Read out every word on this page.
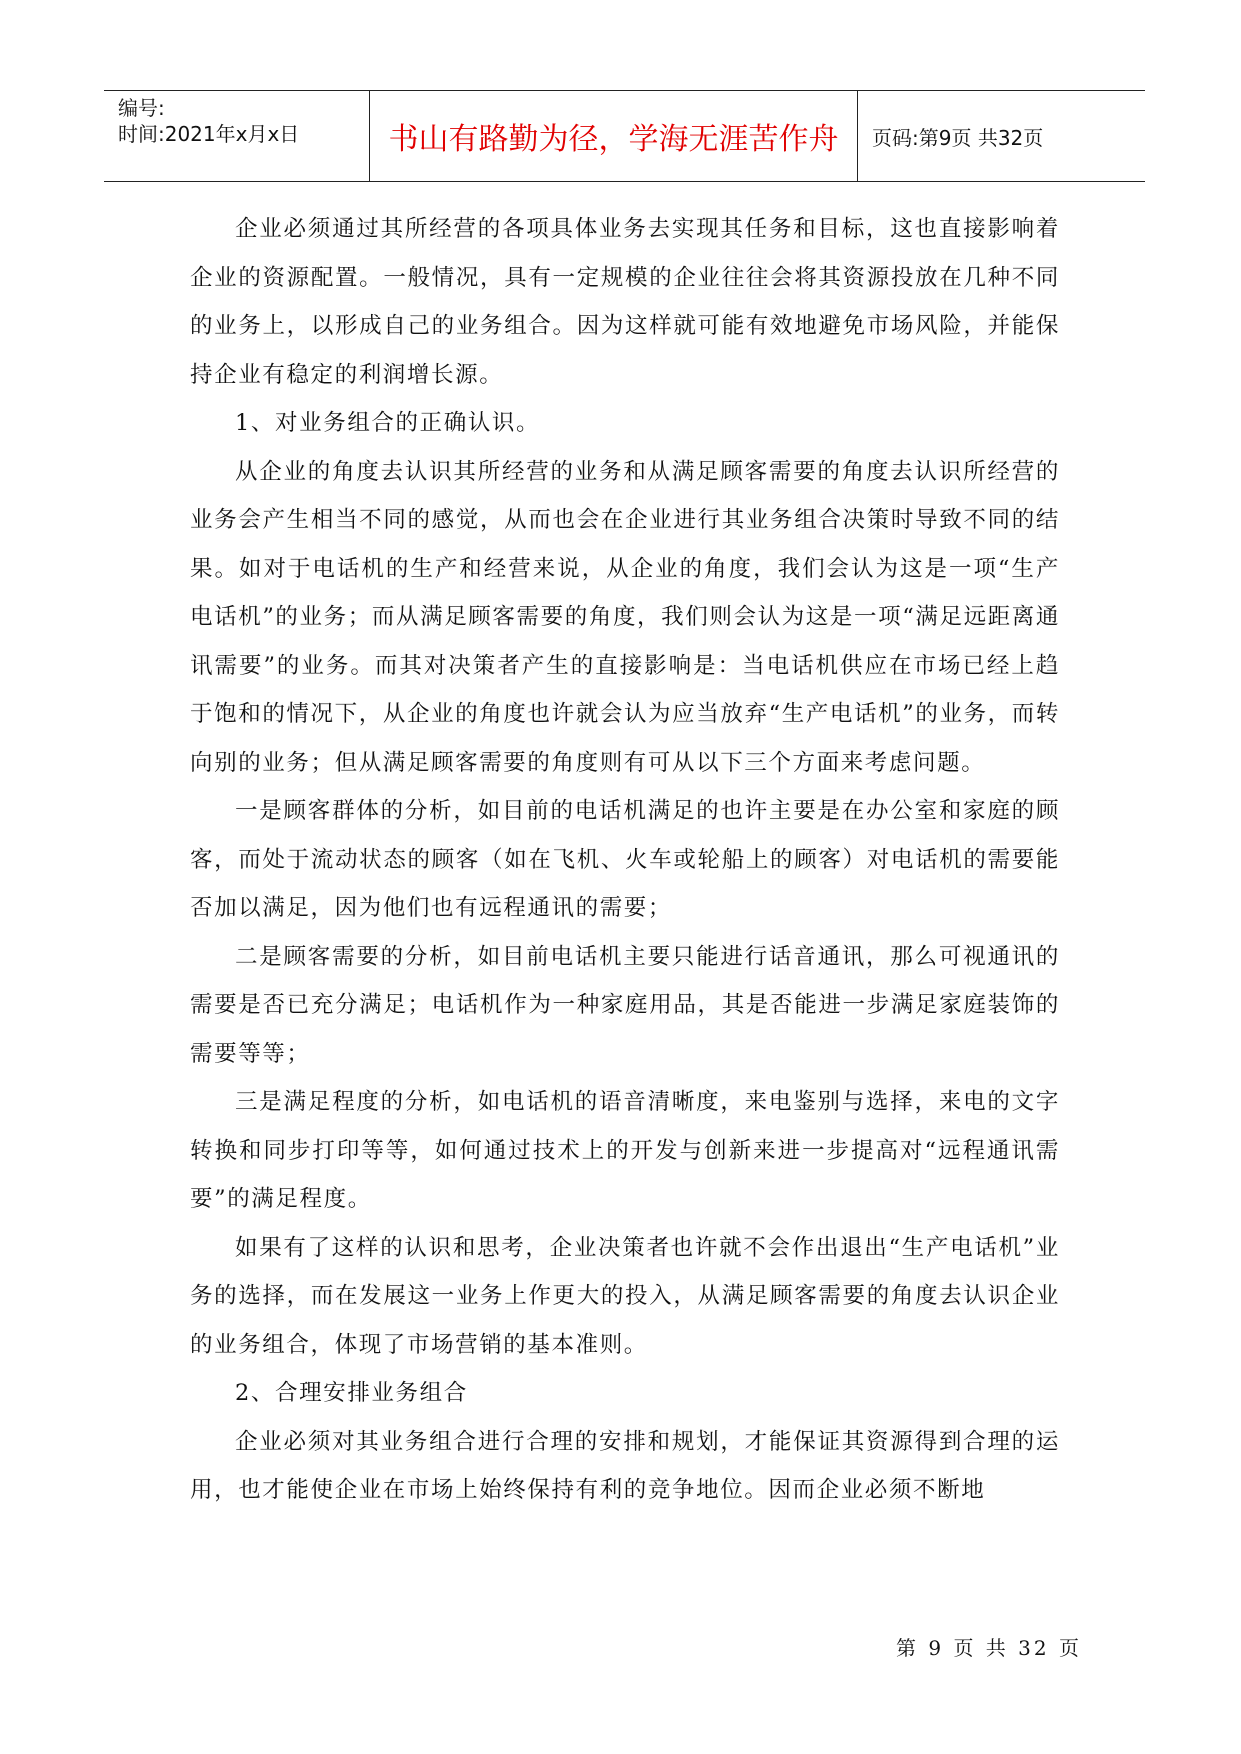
编号:
时间:2021年x月x日	书山有路勤为径，学海无涯苦作舟	页码:第9页 共32页

企业必须通过其所经营的各项具体业务去实现其任务和目标，这也直接影响着企业的资源配置。一般情况，具有一定规模的企业往往会将其资源投放在几种不同的业务上，以形成自己的业务组合。因为这样就可能有效地避免市场风险，并能保持企业有稳定的利润增长源。

1、对业务组合的正确认识。

从企业的角度去认识其所经营的业务和从满足顾客需要的角度去认识所经营的业务会产生相当不同的感觉，从而也会在企业进行其业务组合决策时导致不同的结果。如对于电话机的生产和经营来说，从企业的角度，我们会认为这是一项“生产电话机”的业务；而从满足顾客需要的角度，我们则会认为这是一项“满足远距离通讯需要”的业务。而其对决策者产生的直接影响是：当电话机供应在市场已经上趋于饱和的情况下，从企业的角度也许就会认为应当放弃“生产电话机”的业务，而转向别的业务；但从满足顾客需要的角度则有可从以下三个方面来考虑问题。

一是顾客群体的分析，如目前的电话机满足的也许主要是在办公室和家庭的顾客，而处于流动状态的顾客（如在飞机、火车或轮船上的顾客）对电话机的需要能否加以满足，因为他们也有远程通讯的需要；

二是顾客需要的分析，如目前电话机主要只能进行话音通讯，那么可视通讯的需要是否已充分满足；电话机作为一种家庭用品，其是否能进一步满足家庭装饰的需要等等；

三是满足程度的分析，如电话机的语音清晰度，来电鉴别与选择，来电的文字转换和同步打印等等，如何通过技术上的开发与创新来进一步提高对“远程通讯需要”的满足程度。

如果有了这样的认识和思考，企业决策者也许就不会作出退出“生产电话机”业务的选择，而在发展这一业务上作更大的投入，从满足顾客需要的角度去认识企业的业务组合，体现了市场营销的基本准则。

2、合理安排业务组合

企业必须对其业务组合进行合理的安排和规划，才能保证其资源得到合理的运用，也才能使企业在市场上始终保持有利的竞争地位。因而企业必须不断地

第 9 页 共 32 页
